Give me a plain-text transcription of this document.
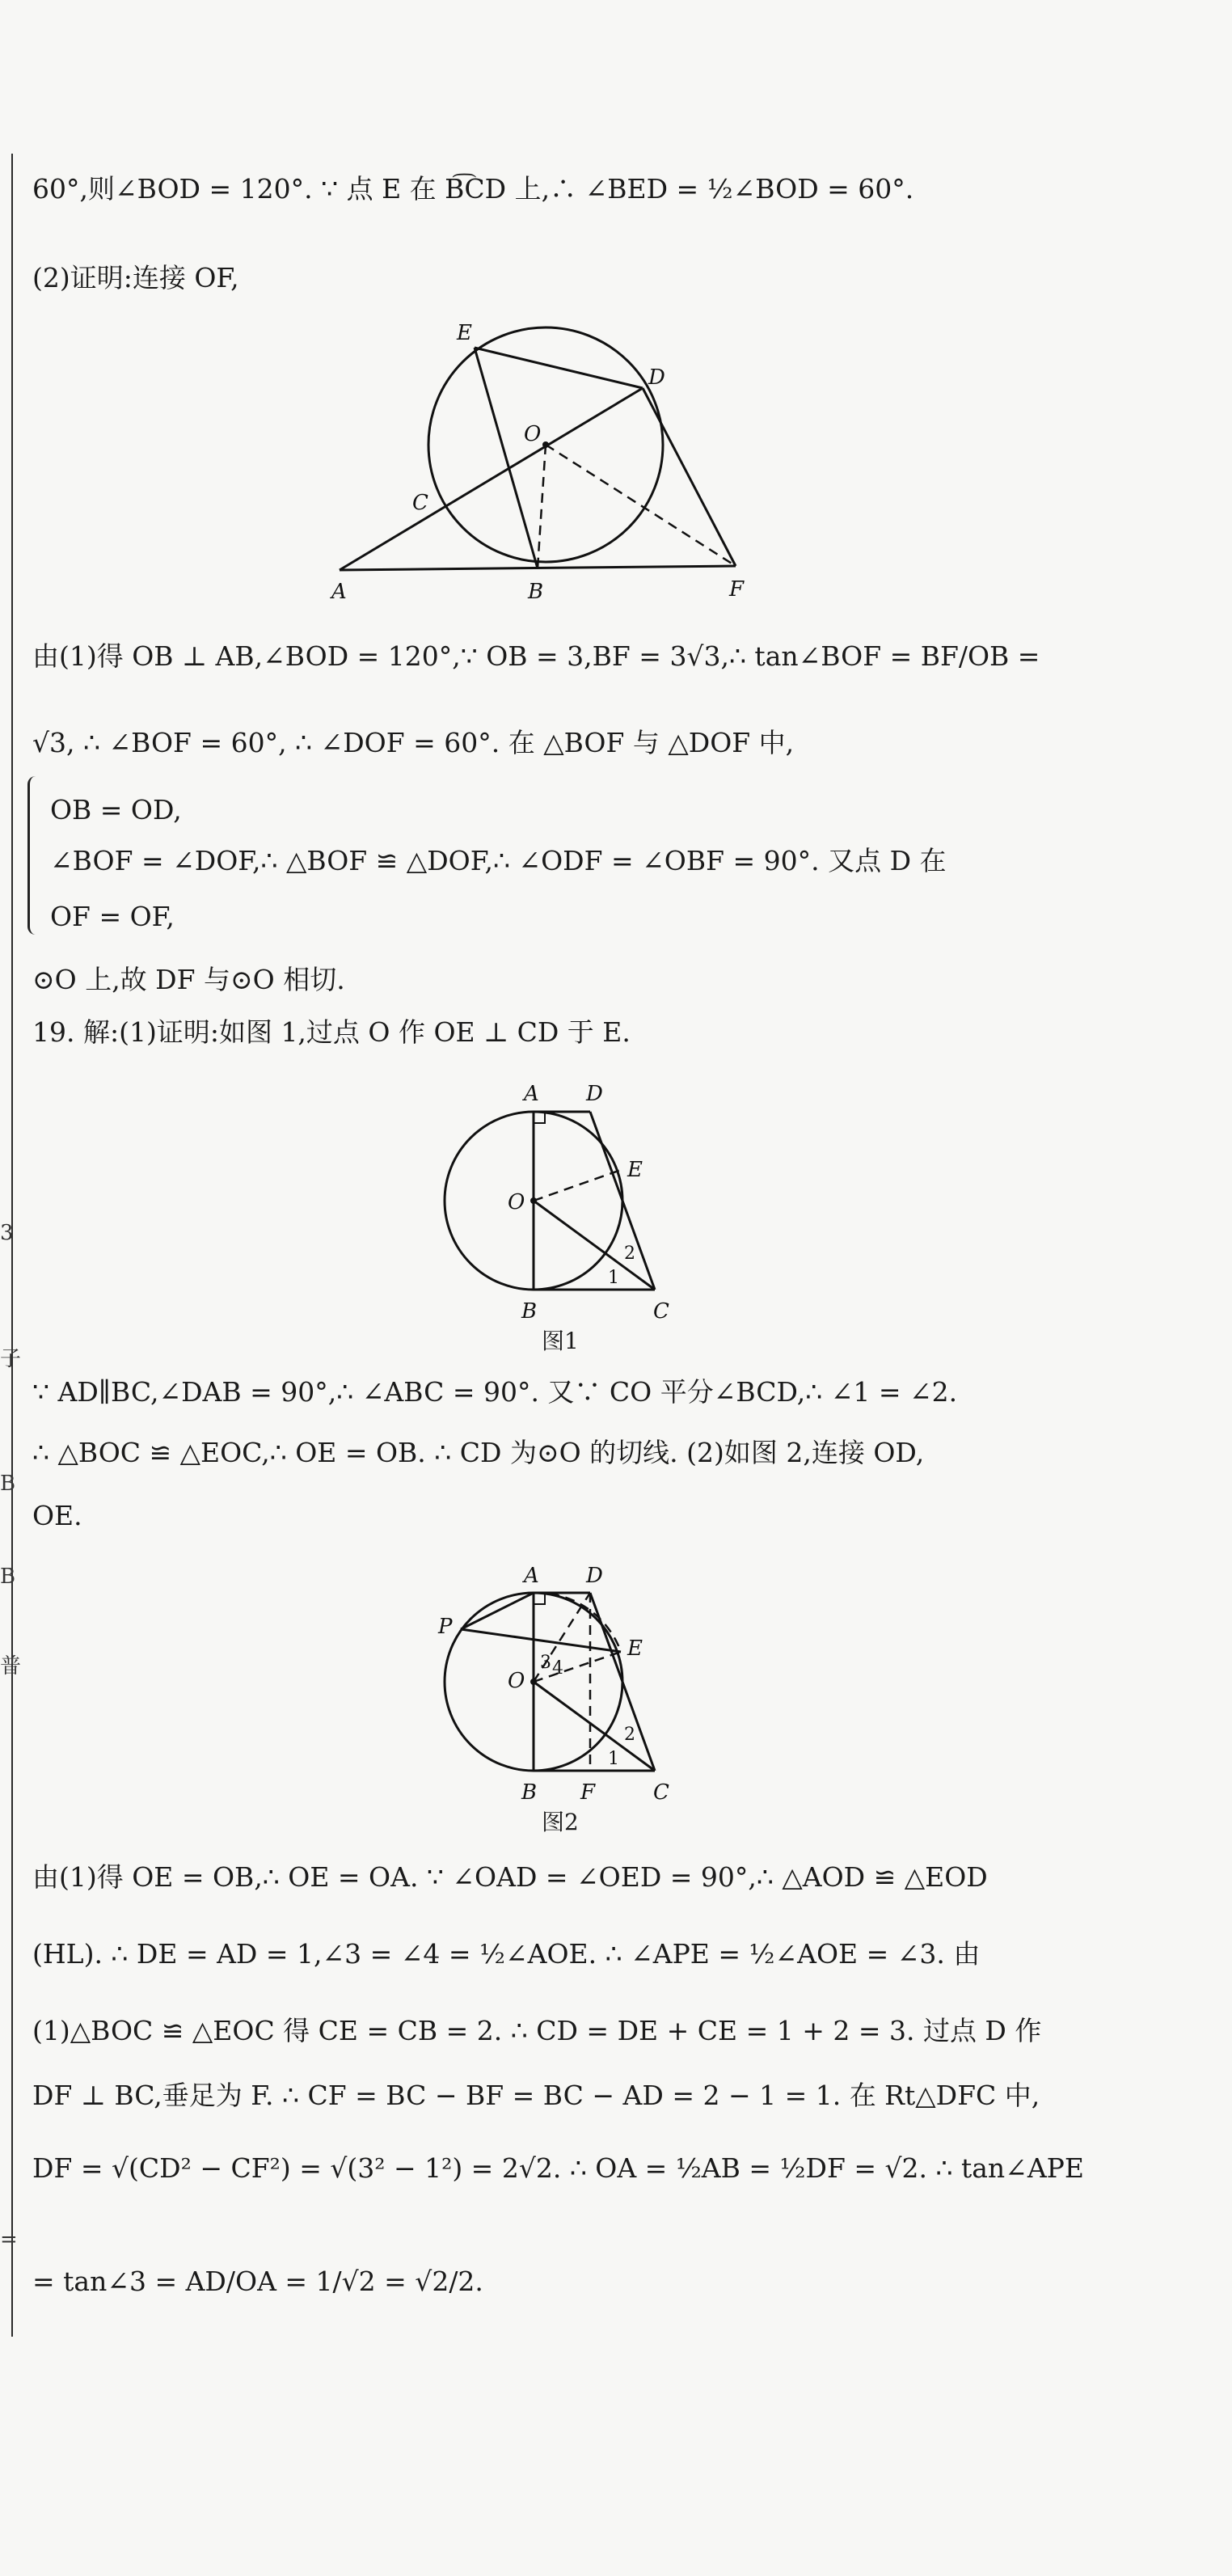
3
子
B
B
普
=
60°,则∠BOD = 120°. ∵ 点 E 在 B͡CD 上,∴ ∠BED = ½∠BOD = 60°.
(2)证明:连接 OF,
E
D
O
C
A	B	F
由(1)得 OB ⊥ AB,∠BOD = 120°,∵ OB = 3,BF = 3√3,∴ tan∠BOF = BF/OB =
√3, ∴ ∠BOF = 60°, ∴ ∠DOF = 60°. 在 △BOF 与 △DOF 中,
OB = OD,
∠BOF = ∠DOF,∴ △BOF ≌ △DOF,∴ ∠ODF = ∠OBF = 90°. 又点 D 在
OF = OF,
⊙O 上,故 DF 与⊙O 相切.
19. 解:(1)证明:如图 1,过点 O 作 OE ⊥ CD 于 E.
A D
O
E
B	C
1
2
图1
∵ AD∥BC,∠DAB = 90°,∴ ∠ABC = 90°. 又∵ CO 平分∠BCD,∴ ∠1 = ∠2.
∴ △BOC ≌ △EOC,∴ OE = OB. ∴ CD 为⊙O 的切线. (2)如图 2,连接 OD,
OE.
A D
P
E
O
B F	C
1
2
3 4
图2
由(1)得 OE = OB,∴ OE = OA. ∵ ∠OAD = ∠OED = 90°,∴ △AOD ≌ △EOD
(HL). ∴ DE = AD = 1,∠3 = ∠4 = ½∠AOE. ∴ ∠APE = ½∠AOE = ∠3. 由
(1)△BOC ≌ △EOC 得 CE = CB = 2. ∴ CD = DE + CE = 1 + 2 = 3. 过点 D 作
DF ⊥ BC,垂足为 F. ∴ CF = BC − BF = BC − AD = 2 − 1 = 1. 在 Rt△DFC 中,
DF = √(CD² − CF²) = √(3² − 1²) = 2√2. ∴ OA = ½AB = ½DF = √2. ∴ tan∠APE
= tan∠3 = AD/OA = 1/√2 = √2/2.
